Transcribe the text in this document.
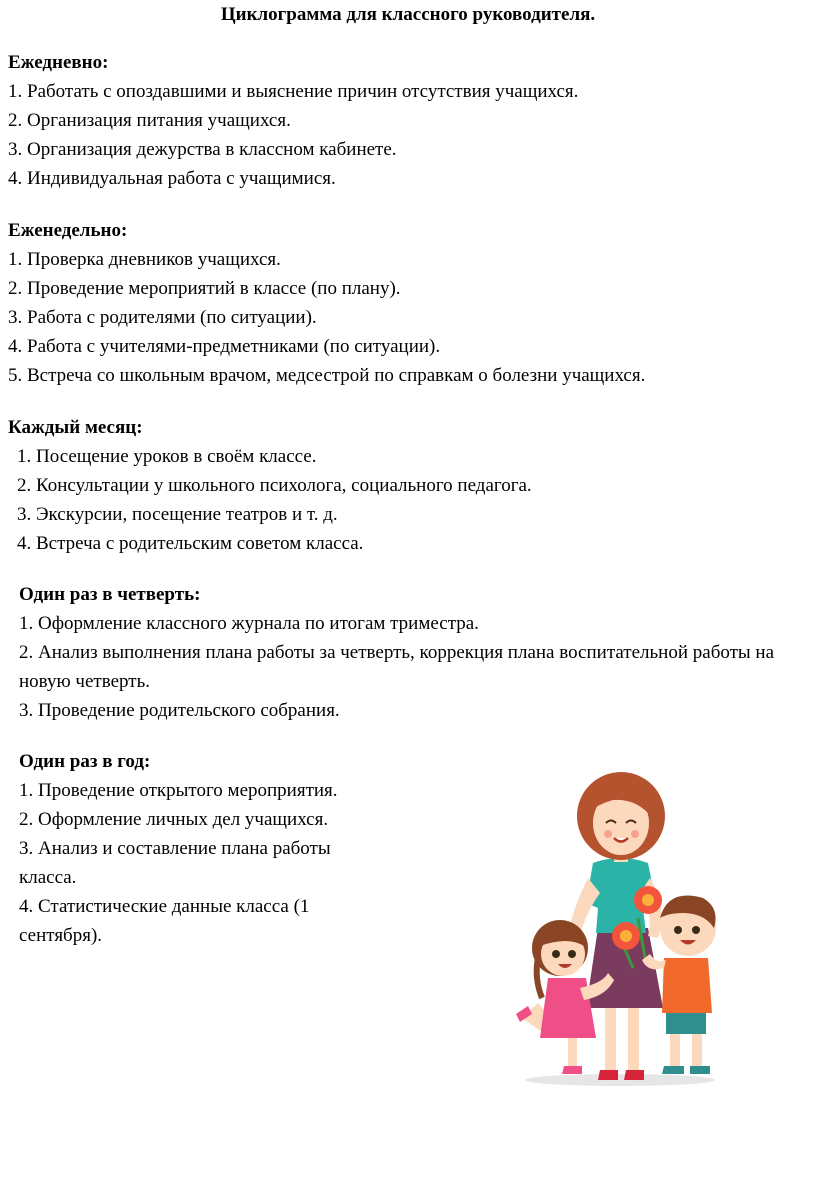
Циклограмма для классного руководителя.
Ежедневно:
1. Работать с опоздавшими и выяснение причин отсутствия учащихся.
2. Организация питания учащихся.
3. Организация дежурства в классном кабинете.
4. Индивидуальная работа с учащимися.
Еженедельно:
1. Проверка дневников учащихся.
2. Проведение мероприятий в классе (по плану).
3. Работа с родителями (по ситуации).
4. Работа с учителями-предметниками (по ситуации).
5. Встреча со школьным врачом, медсестрой по справкам о болезни учащихся.
Каждый месяц:
1. Посещение уроков в своём классе.
2. Консультации у школьного психолога, социального педагога.
3. Экскурсии, посещение театров и т. д.
4. Встреча с родительским советом класса.
Один раз в четверть:
1. Оформление классного журнала по итогам триместра.
2. Анализ выполнения плана работы за четверть, коррекция плана воспитательной работы на новую четверть.
3. Проведение родительского собрания.
Один раз в год:
1. Проведение открытого мероприятия.
2. Оформление личных дел учащихся.
3. Анализ и составление плана работы класса.
4. Статистические данные класса (1 сентября).
